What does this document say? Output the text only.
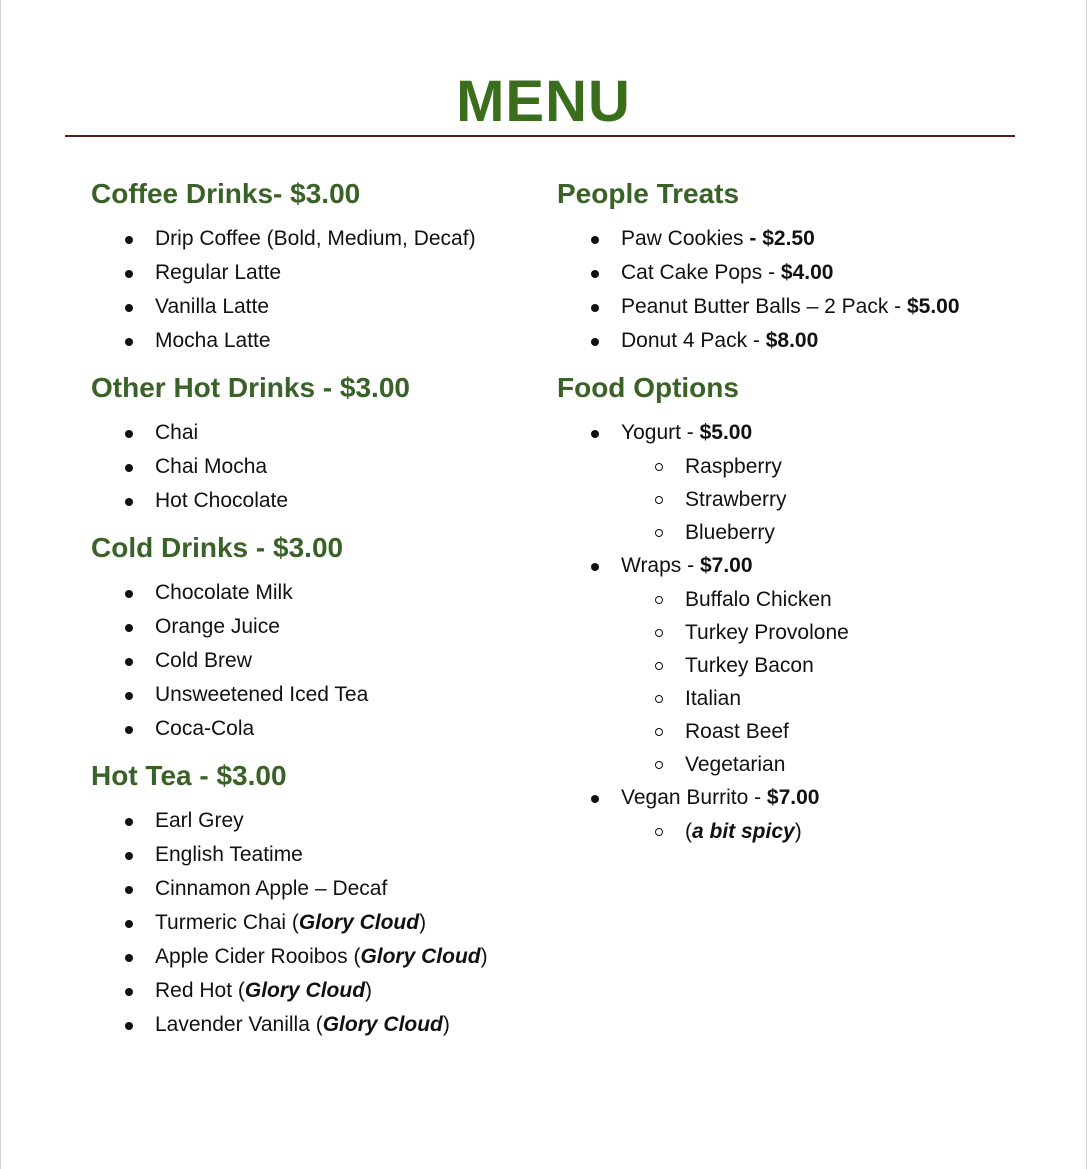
MENU
Coffee Drinks- $3.00
Drip Coffee (Bold, Medium, Decaf)
Regular Latte
Vanilla Latte
Mocha Latte
Other Hot Drinks - $3.00
Chai
Chai Mocha
Hot Chocolate
Cold Drinks - $3.00
Chocolate Milk
Orange Juice
Cold Brew
Unsweetened Iced Tea
Coca-Cola
Hot Tea - $3.00
Earl Grey
English Teatime
Cinnamon Apple – Decaf
Turmeric Chai (Glory Cloud)
Apple Cider Rooibos (Glory Cloud)
Red Hot (Glory Cloud)
Lavender Vanilla (Glory Cloud)
People Treats
Paw Cookies - $2.50
Cat Cake Pops - $4.00
Peanut Butter Balls – 2 Pack - $5.00
Donut 4 Pack - $8.00
Food Options
Yogurt - $5.00
Raspberry
Strawberry
Blueberry
Wraps - $7.00
Buffalo Chicken
Turkey Provolone
Turkey Bacon
Italian
Roast Beef
Vegetarian
Vegan Burrito - $7.00
(a bit spicy)
